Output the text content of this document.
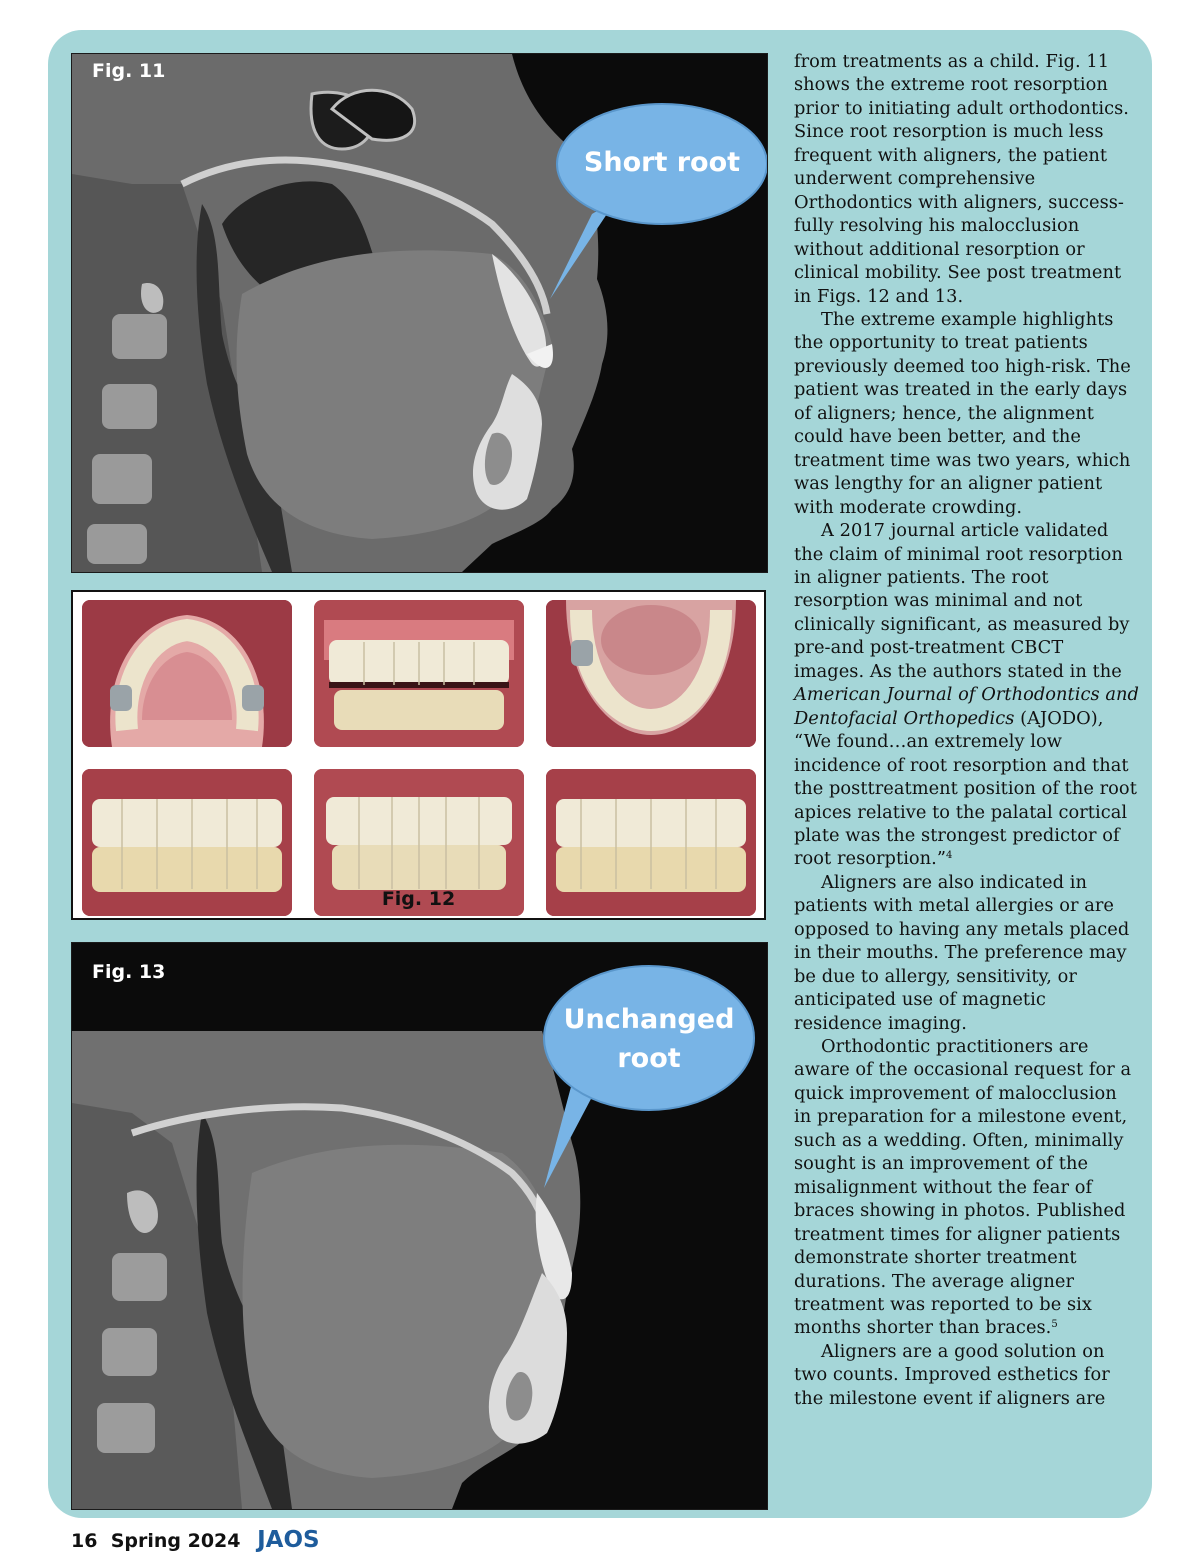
Short root
Fig. 11
Fig. 12
Unchanged
root
Fig. 13

from treatments as a child. Fig. 11 shows the extreme root resorption prior to initiating adult orthodontics. Since root resorption is much less frequent with aligners, the patient underwent comprehensive Orthodontics with aligners, successfully resolving his malocclusion without additional resorption or clinical mobility. See post treatment in Figs. 12 and 13.

The extreme example highlights the opportunity to treat patients previously deemed too high-risk. The patient was treated in the early days of aligners; hence, the alignment could have been better, and the treatment time was two years, which was lengthy for an aligner patient with moderate crowding.

A 2017 journal article validated the claim of minimal root resorption in aligner patients. The root resorption was minimal and not clinically significant, as measured by pre-and post-treatment CBCT images. As the authors stated in the American Journal of Orthodontics and Dentofacial Orthopedics (AJODO), “We found…an extremely low incidence of root resorption and that the posttreatment position of the root apices relative to the palatal cortical plate was the strongest predictor of root resorption.”$^4$

Aligners are also indicated in patients with metal allergies or are opposed to having any metals placed in their mouths. The preference may be due to allergy, sensitivity, or anticipated use of magnetic residence imaging.

Orthodontic practitioners are aware of the occasional request for a quick improvement of malocclusion in preparation for a milestone event, such as a wedding. Often, minimally sought is an improvement of the misalignment without the fear of braces showing in photos. Published treatment times for aligner patients demonstrate shorter treatment durations. The average aligner treatment was reported to be six months shorter than braces.$^5$

Aligners are a good solution on two counts. Improved esthetics for the milestone event if aligners are

16 Spring 2024 JAOS
